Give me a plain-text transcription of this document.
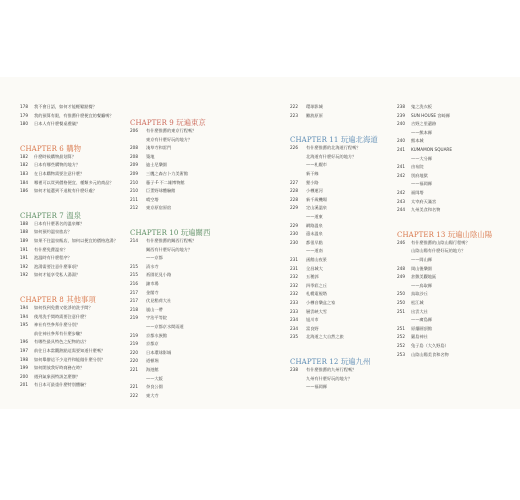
178	我不會日語，如何才能輕鬆點餐？
179	我的預算有限，有推薦什麼便宜的餐廳嗎？
180	日本人有什麼餐桌禮儀？
CHAPTER 6 購物
182	什麼時候購物最划算？
182	日本有哪些購物的地方？
183	在日本購物需要注意什麼？
184	哪裡可以買到價格便宜、種類多元的商品？
186	如何才能選到不退稅有什麼好處？
CHAPTER 7 溫泉
188	日本有什麼著名的溫泉鄉？
188	如何預約溫泉旅店？
189	如果不住溫泉飯店，如何以便宜的價格泡湯？
191	有什麼免費溫泉？
191	泡溫時有什麼程序？
192	泡湯需要注意什麼事項？
192	如何才能享受私人湯湯？
CHAPTER 8 其他事項
194	如何找到免費又乾淨的洗手間？
194	使用洗手間時需要注意什麼？
195	神社有些參拜什麼分別？
前往神社參拜有什麼步驟？
196	有哪些最具特色之紀物的店？
197	前往日本當觀熱點這需要知道什麼嗎？
198	如何舉辦這不少這件和能做什麼分別？
199	如何開放我好時商務在時？
200	遇到氣象預特該怎麼辦？
201	有日本可最重什麼特別體驗？
CHAPTER 9 玩遍東京
206	有什麼推薦的東京行程嗎？
東京有什麼好玩的地方？
208	淺草寺和雷門
208	築地
209	迪士尼樂園
209	三鷹之森吉卜力美術館
210	藤子·F·不二雄博物館
210	巨蛋野球體驗館
211	晴空塔
212	東京原宿原宿
CHAPTER 10 玩遍關西
214	有什麼推薦的關西行程嗎？
關西有什麼好玩的地方？
——京都
215	清水寺
215	祇園花見小路
216	錦市場
217	金閣寺
217	伏見稻荷大社
218	嵐山一帶
219	宇治平等院
——京都京水間雨道
219	京都水族館
219	京都京
220	日本環球影城
220	道頓堀
221	海遊館
——大阪
221	奈良公園
222	東大寺
222	環球影城
223	難波原原
CHAPTER 11 玩遍北海道
226	有什麼推薦的北海道行程嗎？
北海道有什麼好玩的地方？
——札幌市
新干線
227	狸小路
228	小樽運河
228	新千歲機場
229	定山溪溫泉
——道東
229	網路溫泉
230	還未溫泉
230	都很早點
——道南
231	函館山夜景
231	全昌城大
232	五稜郭
232	四季彩之丘
232	札幌電視塔
233	小樽音樂盒之家
233	層雲峽大雪
234	旭川市
234	富良野
235	北海道之大自然之旅
CHAPTER 12 玩遍九州
238	有什麼推薦的九州行程嗎？
九州有什麼好玩的地方？
——福岡縣
238	鬼之洗衣板
239	SUN HOUSE 宮崎縣
240	吉野之里遺跡
——熊本縣
240	熊本城
241	KUMAMON SQUARE
——大分縣
241	由布院
242	別府地獄
——福岡縣
242	福岡塔
243	太宰府天滿宮
244	九州美食和名物
CHAPTER 13 玩遍山陰山陽
246	有什麼推薦的山陰山陽行程嗎？
山陰山陽有什麼好玩的地方？
——岡山縣
248	岡山後樂園
249	倉敷美觀地區
——鳥取縣
250	鳥取沙丘
250	松江城
251	出雲大社
——廣島縣
251	原爆圓頂館
252	嚴島神社
252	兔子島（大久野島）
253	山陰山陽美食和名物
